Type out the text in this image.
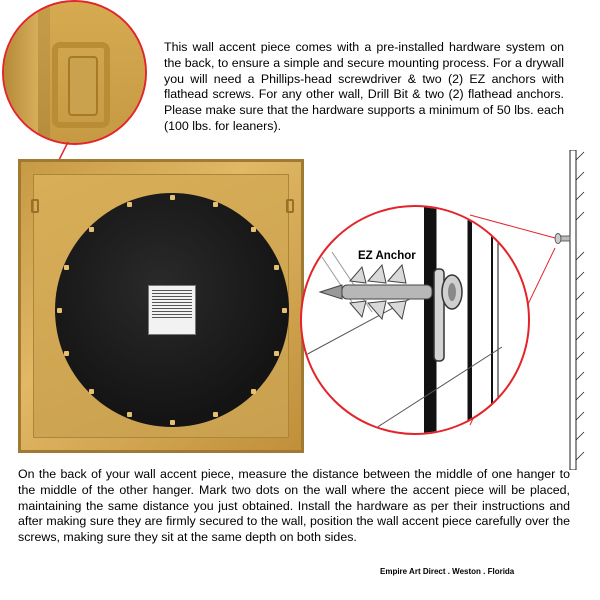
This wall accent piece comes with a pre-installed hardware system on the back, to ensure a simple and secure mounting process. For a drywall you will need a Phillips-head screwdriver & two (2) EZ anchors with flathead screws. For any other wall, Drill Bit & two (2) flathead anchors. Please make sure that the hardware supports a minimum of 50 lbs. each (100 lbs. for leaners).
EZ Anchor
On the back of your wall accent piece, measure the distance between the middle of one hanger to the middle of the other hanger. Mark two dots on the wall where the accent piece will be placed, maintaining the same distance you just obtained. Install the hardware as per their instructions and after making sure they are firmly secured to the wall, position the wall accent piece carefully over the screws, making sure they sit at the same depth on both sides.
Empire Art Direct . Weston . Florida
